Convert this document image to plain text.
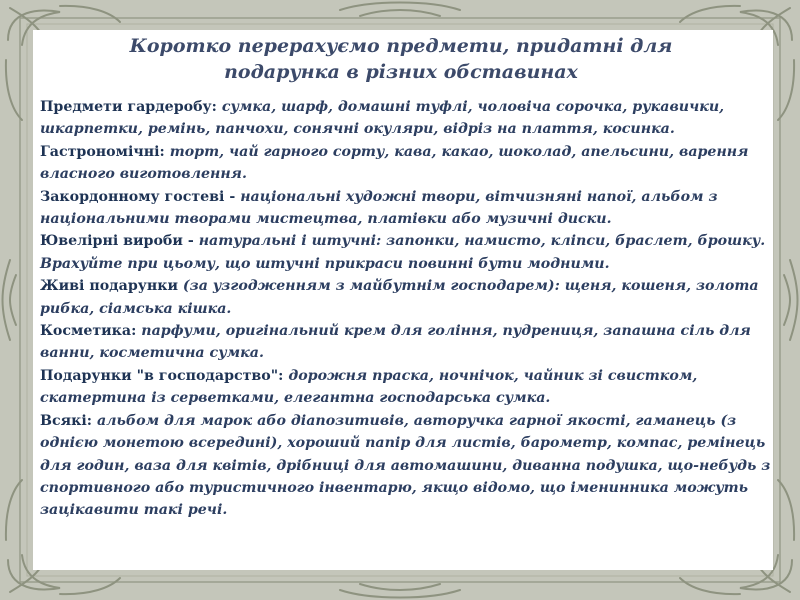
Коротко перерахуємо предмети, придатні для
подарунка в різних обставинах
Предмети гардеробу: сумка, шарф, домашні туфлі, чоловіча сорочка, рукавички, шкарпетки, ремінь, панчохи, сонячні окуляри, відріз на плаття, косинка.
Гастрономічні: торт, чай гарного сорту, кава, какао, шоколад, апельсини, варення власного виготовлення.
Закордонному гостеві - національні художні твори, вітчизняні напої, альбом з національними творами мистецтва, платівки або музичні диски.
Ювелірні вироби - натуральні і штучні: запонки, намисто, кліпси, браслет, брошку. Врахуйте при цьому, що штучні прикраси повинні бути модними.
Живі подарунки (за узгодженням з майбутнім господарем): щеня, кошеня, золота рибка, сіамська кішка.
Косметика: парфуми, оригінальний крем для гоління, пудрениця, запашна сіль для ванни, косметична сумка.
Подарунки "в господарство": дорожня праска, ночнічок, чайник зі свистком, скатертина із серветками, елегантна господарська сумка.
Всякі: альбом для марок або діапозитивів, авторучка гарної якості, гаманець (з однією монетою всередині), хороший папір для листів, барометр, компас, ремінець для годин, ваза для квітів, дрібниці для автомашини, диванна подушка, що-небудь з спортивного або туристичного інвентарю, якщо відомо, що іменинника можуть зацікавити такі речі.
